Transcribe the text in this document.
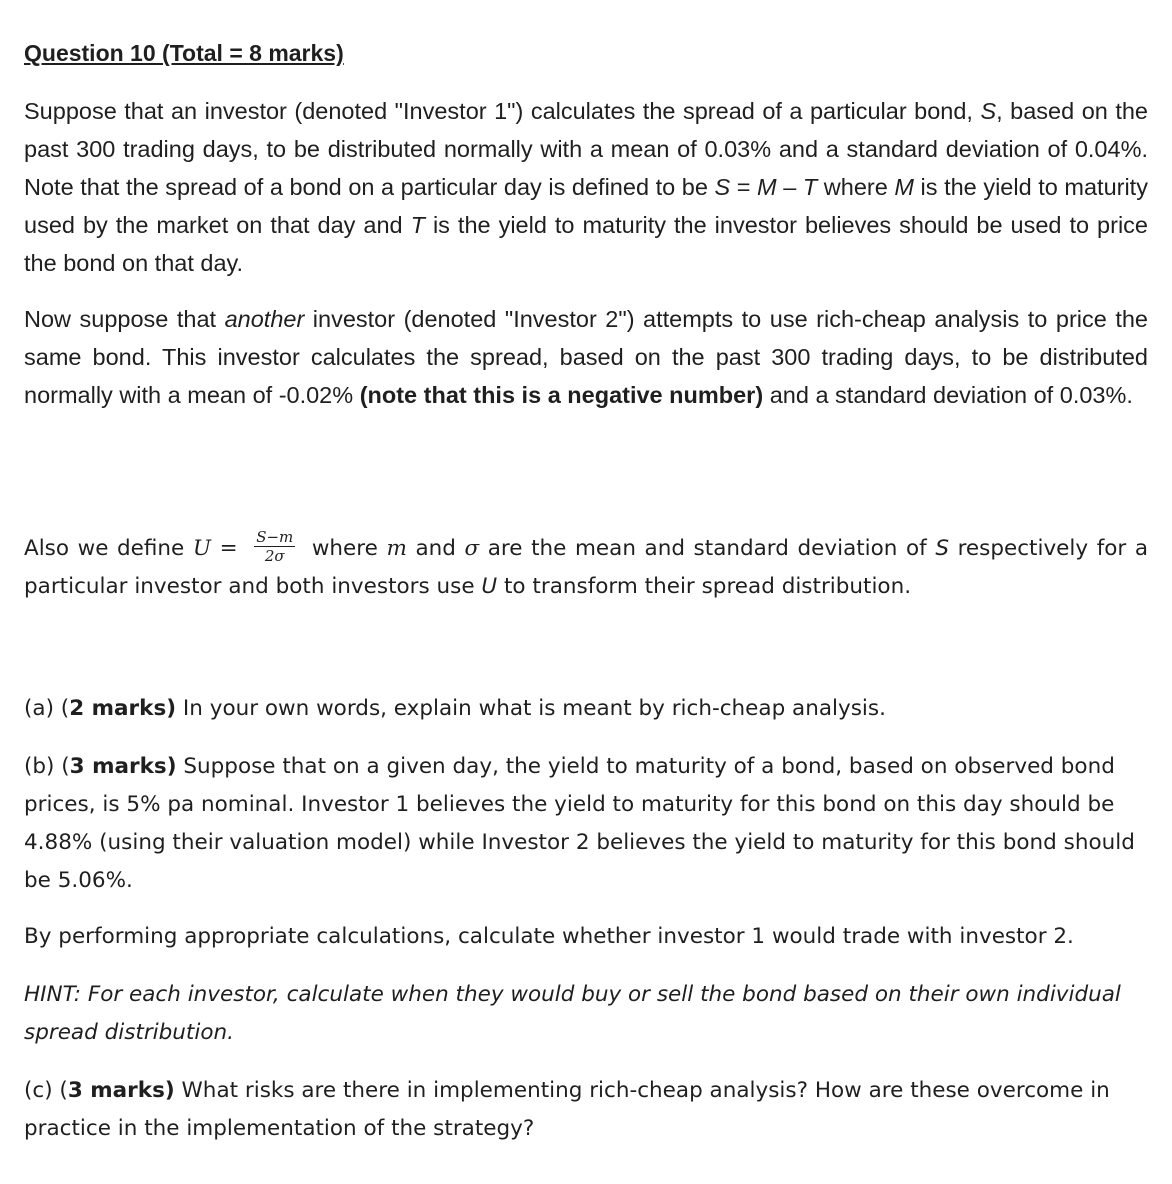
Question 10 (Total = 8 marks)

Suppose that an investor (denoted "Investor 1") calculates the spread of a particular bond, S, based on the past 300 trading days, to be distributed normally with a mean of 0.03% and a standard deviation of 0.04%. Note that the spread of a bond on a particular day is defined to be S = M – T where M is the yield to maturity used by the market on that day and T is the yield to maturity the investor believes should be used to price the bond on that day.

Now suppose that another investor (denoted "Investor 2") attempts to use rich-cheap analysis to price the same bond. This investor calculates the spread, based on the past 300 trading days, to be distributed normally with a mean of -0.02% (note that this is a negative number) and a standard deviation of 0.03%.

Also we define $U = \frac{S-m}{2\sigma}$ where m and σ are the mean and standard deviation of S respectively for a particular investor and both investors use U to transform their spread distribution.

(a) (2 marks) In your own words, explain what is meant by rich-cheap analysis.

(b) (3 marks) Suppose that on a given day, the yield to maturity of a bond, based on observed bond prices, is 5% pa nominal. Investor 1 believes the yield to maturity for this bond on this day should be 4.88% (using their valuation model) while Investor 2 believes the yield to maturity for this bond should be 5.06%.

By performing appropriate calculations, calculate whether investor 1 would trade with investor 2.

HINT: For each investor, calculate when they would buy or sell the bond based on their own individual spread distribution.

(c) (3 marks) What risks are there in implementing rich-cheap analysis? How are these overcome in practice in the implementation of the strategy?
